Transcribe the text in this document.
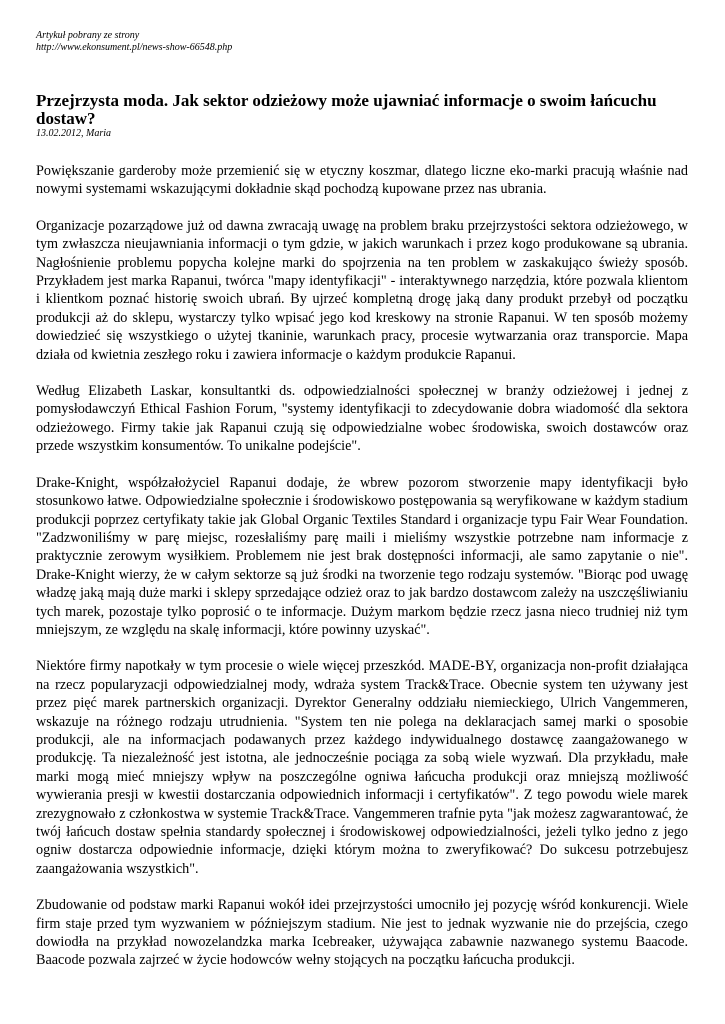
Artykuł pobrany ze strony

http://www.ekonsument.pl/news-show-66548.php

Przejrzysta moda. Jak sektor odzieżowy może ujawniać informacje o swoim łańcuchu dostaw?

13.02.2012, Maria

Powiększanie garderoby może przemienić się w etyczny koszmar, dlatego liczne eko-marki pracują właśnie nad nowymi systemami wskazującymi dokładnie skąd pochodzą kupowane przez nas ubrania.

Organizacje pozarządowe już od dawna zwracają uwagę na problem braku przejrzystości sektora odzieżowego, w tym zwłaszcza nieujawniania informacji o tym gdzie, w jakich warunkach i przez kogo produkowane są ubrania. Nagłośnienie problemu popycha kolejne marki do spojrzenia na ten problem w zaskakująco świeży sposób. Przykładem jest marka Rapanui, twórca "mapy identyfikacji" - interaktywnego narzędzia, które pozwala klientom i klientkom poznać historię swoich ubrań. By ujrzeć kompletną drogę jaką dany produkt przebył od początku produkcji aż do sklepu, wystarczy tylko wpisać jego kod kreskowy na stronie Rapanui. W ten sposób możemy dowiedzieć się wszystkiego o użytej tkaninie, warunkach pracy, procesie wytwarzania oraz transporcie. Mapa działa od kwietnia zeszłego roku i zawiera informacje o każdym produkcie Rapanui.

Według Elizabeth Laskar, konsultantki ds. odpowiedzialności społecznej w branży odzieżowej i jednej z pomysłodawczyń Ethical Fashion Forum, "systemy identyfikacji to zdecydowanie dobra wiadomość dla sektora odzieżowego. Firmy takie jak Rapanui czują się odpowiedzialne wobec środowiska, swoich dostawców oraz przede wszystkim konsumentów. To unikalne podejście".

Drake-Knight, współzałożyciel Rapanui dodaje, że wbrew pozorom stworzenie mapy identyfikacji było stosunkowo łatwe. Odpowiedzialne społecznie i środowiskowo postępowania są weryfikowane w każdym stadium produkcji poprzez certyfikaty takie jak Global Organic Textiles Standard i organizacje typu Fair Wear Foundation. "Zadzwoniliśmy w parę miejsc, rozesłaliśmy parę maili i mieliśmy wszystkie potrzebne nam informacje z praktycznie zerowym wysiłkiem. Problemem nie jest brak dostępności informacji, ale samo zapytanie o nie". Drake-Knight wierzy, że w całym sektorze są już środki na tworzenie tego rodzaju systemów. "Biorąc pod uwagę władzę jaką mają duże marki i sklepy sprzedające odzież oraz to jak bardzo dostawcom zależy na uszczęśliwianiu tych marek, pozostaje tylko poprosić o te informacje. Dużym markom będzie rzecz jasna nieco trudniej niż tym mniejszym, ze względu na skalę informacji, które powinny uzyskać".

Niektóre firmy napotkały w tym procesie o wiele więcej przeszkód. MADE-BY, organizacja non-profit działająca na rzecz popularyzacji odpowiedzialnej mody, wdraża system Track&Trace. Obecnie system ten używany jest przez pięć marek partnerskich organizacji. Dyrektor Generalny oddziału niemieckiego, Ulrich Vangemmeren, wskazuje na różnego rodzaju utrudnienia. "System ten nie polega na deklaracjach samej marki o sposobie produkcji, ale na informacjach podawanych przez każdego indywidualnego dostawcę zaangażowanego w produkcję. Ta niezależność jest istotna, ale jednocześnie pociąga za sobą wiele wyzwań. Dla przykładu, małe marki mogą mieć mniejszy wpływ na poszczególne ogniwa łańcucha produkcji oraz mniejszą możliwość wywierania presji w kwestii dostarczania odpowiednich informacji i certyfikatów". Z tego powodu wiele marek zrezygnowało z członkostwa w systemie Track&Trace. Vangemmeren trafnie pyta "jak możesz zagwarantować, że twój łańcuch dostaw spełnia standardy społecznej i środowiskowej odpowiedzialności, jeżeli tylko jedno z jego ogniw dostarcza odpowiednie informacje, dzięki którym można to zweryfikować? Do sukcesu potrzebujesz zaangażowania wszystkich".

Zbudowanie od podstaw marki Rapanui wokół idei przejrzystości umocniło jej pozycję wśród konkurencji. Wiele firm staje przed tym wyzwaniem w późniejszym stadium. Nie jest to jednak wyzwanie nie do przejścia, czego dowiodła na przykład nowozelandzka marka Icebreaker, używająca zabawnie nazwanego systemu Baacode. Baacode pozwala zajrzeć w życie hodowców wełny stojących na początku łańcucha produkcji.
